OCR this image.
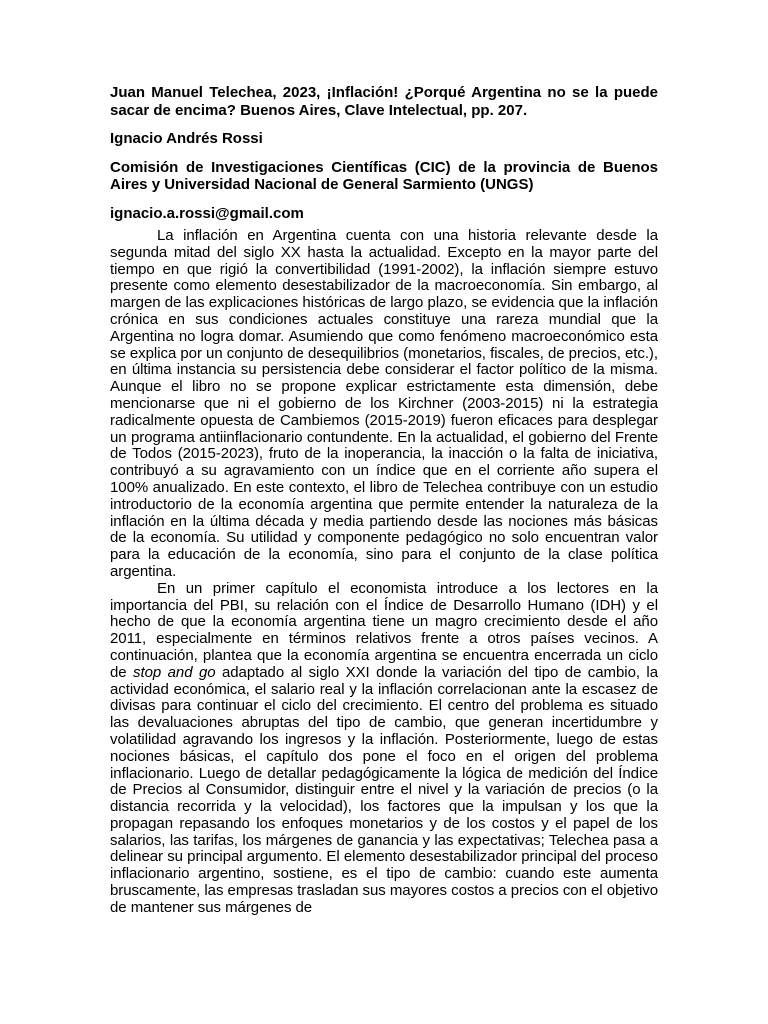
Juan Manuel Telechea, 2023, ¡Inflación! ¿Porqué Argentina no se la puede sacar de encima? Buenos Aires, Clave Intelectual, pp. 207.

Ignacio Andrés Rossi

Comisión de Investigaciones Científicas (CIC) de la provincia de Buenos Aires y Universidad Nacional de General Sarmiento (UNGS)

ignacio.a.rossi@gmail.com

La inflación en Argentina cuenta con una historia relevante desde la segunda mitad del siglo XX hasta la actualidad. Excepto en la mayor parte del tiempo en que rigió la convertibilidad (1991-2002), la inflación siempre estuvo presente como elemento desestabilizador de la macroeconomía. Sin embargo, al margen de las explicaciones históricas de largo plazo, se evidencia que la inflación crónica en sus condiciones actuales constituye una rareza mundial que la Argentina no logra domar. Asumiendo que como fenómeno macroeconómico esta se explica por un conjunto de desequilibrios (monetarios, fiscales, de precios, etc.), en última instancia su persistencia debe considerar el factor político de la misma. Aunque el libro no se propone explicar estrictamente esta dimensión, debe mencionarse que ni el gobierno de los Kirchner (2003-2015) ni la estrategia radicalmente opuesta de Cambiemos (2015-2019) fueron eficaces para desplegar un programa antiinflacionario contundente. En la actualidad, el gobierno del Frente de Todos (2015-2023), fruto de la inoperancia, la inacción o la falta de iniciativa, contribuyó a su agravamiento con un índice que en el corriente año supera el 100% anualizado. En este contexto, el libro de Telechea contribuye con un estudio introductorio de la economía argentina que permite entender la naturaleza de la inflación en la última década y media partiendo desde las nociones más básicas de la economía. Su utilidad y componente pedagógico no solo encuentran valor para la educación de la economía, sino para el conjunto de la clase política argentina.

En un primer capítulo el economista introduce a los lectores en la importancia del PBI, su relación con el Índice de Desarrollo Humano (IDH) y el hecho de que la economía argentina tiene un magro crecimiento desde el año 2011, especialmente en términos relativos frente a otros países vecinos. A continuación, plantea que la economía argentina se encuentra encerrada un ciclo de stop and go adaptado al siglo XXI donde la variación del tipo de cambio, la actividad económica, el salario real y la inflación correlacionan ante la escasez de divisas para continuar el ciclo del crecimiento. El centro del problema es situado las devaluaciones abruptas del tipo de cambio, que generan incertidumbre y volatilidad agravando los ingresos y la inflación. Posteriormente, luego de estas nociones básicas, el capítulo dos pone el foco en el origen del problema inflacionario. Luego de detallar pedagógicamente la lógica de medición del Índice de Precios al Consumidor, distinguir entre el nivel y la variación de precios (o la distancia recorrida y la velocidad), los factores que la impulsan y los que la propagan repasando los enfoques monetarios y de los costos y el papel de los salarios, las tarifas, los márgenes de ganancia y las expectativas; Telechea pasa a delinear su principal argumento. El elemento desestabilizador principal del proceso inflacionario argentino, sostiene, es el tipo de cambio: cuando este aumenta bruscamente, las empresas trasladan sus mayores costos a precios con el objetivo de mantener sus márgenes de
